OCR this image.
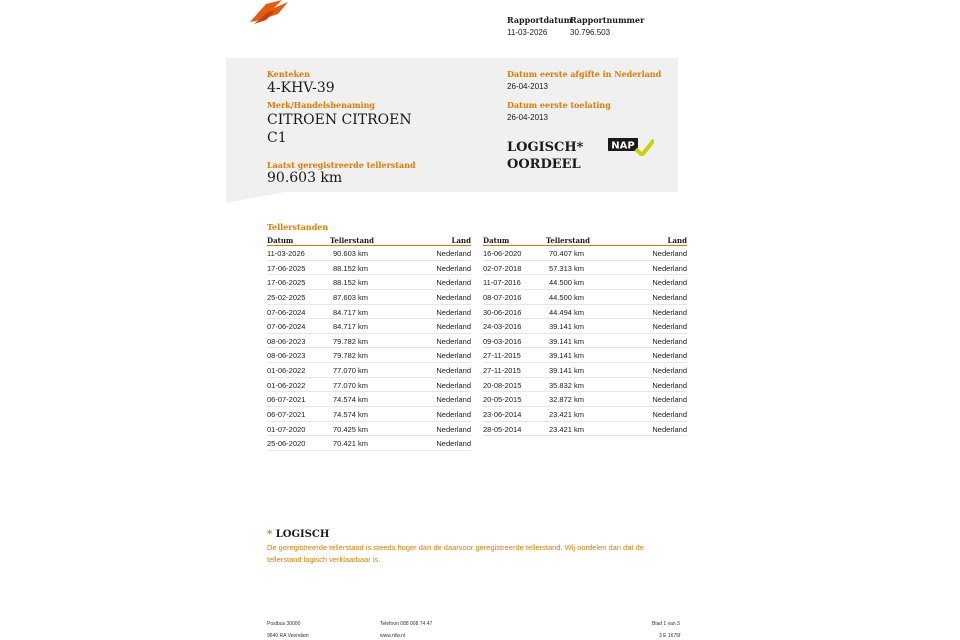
Rapportdatum
11-03-2026
Rapportnummer
30.796.503
Kenteken
4-KHV-39
Merk/Handelsbenaming
CITROEN CITROEN
C1
Laatst geregistreerde tellerstand
90.603 km
Datum eerste afgifte in Nederland
26-04-2013
Datum eerste toelating
26-04-2013
LOGISCH*
OORDEEL
NAP
Tellerstanden
Datum	Tellerstand	Land
11-03-2026	90.603 km	Nederland
17-06-2025	88.152 km	Nederland
17-06-2025	88.152 km	Nederland
25-02-2025	87.603 km	Nederland
07-06-2024	84.717 km	Nederland
07-06-2024	84.717 km	Nederland
08-06-2023	79.782 km	Nederland
08-06-2023	79.782 km	Nederland
01-06-2022	77.070 km	Nederland
01-06-2022	77.070 km	Nederland
06-07-2021	74.574 km	Nederland
06-07-2021	74.574 km	Nederland
01-07-2020	70.425 km	Nederland
25-06-2020	70.421 km	Nederland
Datum	Tellerstand	Land
16-06-2020	70.407 km	Nederland
02-07-2018	57.313 km	Nederland
11-07-2016	44.500 km	Nederland
08-07-2016	44.500 km	Nederland
30-06-2016	44.494 km	Nederland
24-03-2016	39.141 km	Nederland
09-03-2016	39.141 km	Nederland
27-11-2015	39.141 km	Nederland
27-11-2015	39.141 km	Nederland
20-08-2015	35.832 km	Nederland
20-05-2015	32.872 km	Nederland
23-06-2014	23.421 km	Nederland
28-05-2014	23.421 km	Nederland
* LOGISCH
De geregistreerde tellerstand is steeds hoger dan de daarvoor geregistreerde tellerstand. Wij oordelen dan dat de tellerstand logisch verklaarbaar is.
Postbus 30000
9640 RA Veendam
Telefoon 088 008 74 47
www.rdw.nl
Blad 1 van 3
3 E 1675f
